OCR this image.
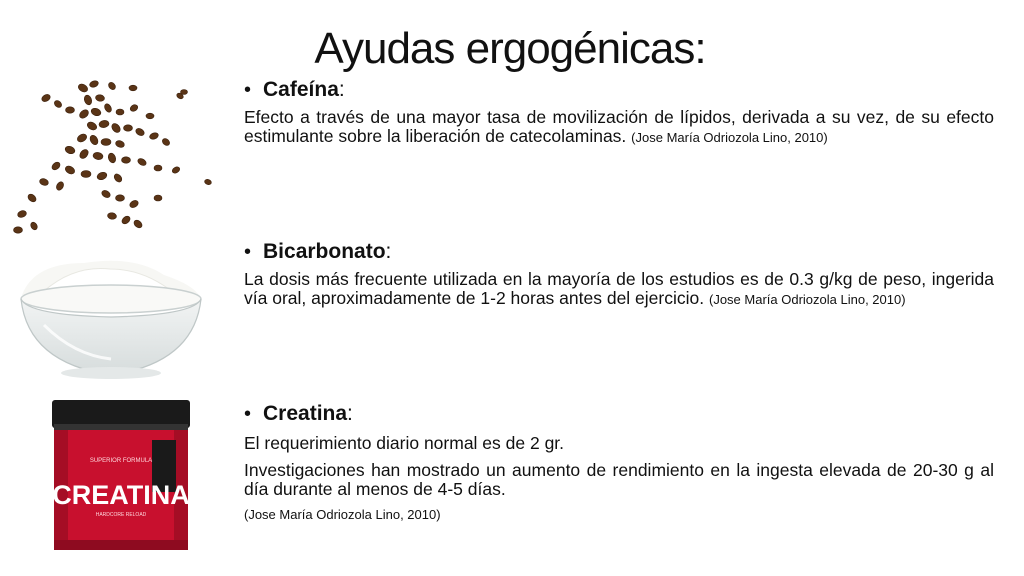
Ayudas ergogénicas:
SUPERIOR FORMULA
CREATINA
HARDCORE RELOAD
• Cafeína :
Efecto a través de una mayor tasa de movilización de lípidos, derivada a su vez, de su efecto estimulante sobre la liberación de catecolaminas. (Jose María Odriozola Lino, 2010)
• Bicarbonato :
La dosis más frecuente utilizada en la mayoría de los estudios es de 0.3 g/kg de peso, ingerida vía oral, aproximadamente de 1-2 horas antes del ejercicio. (Jose María Odriozola Lino, 2010)
• Creatina :
El requerimiento diario normal es de 2 gr.
Investigaciones han mostrado un aumento de rendimiento en la ingesta elevada de 20-30 g al día durante al menos de 4-5 días.
(Jose María Odriozola Lino, 2010)
